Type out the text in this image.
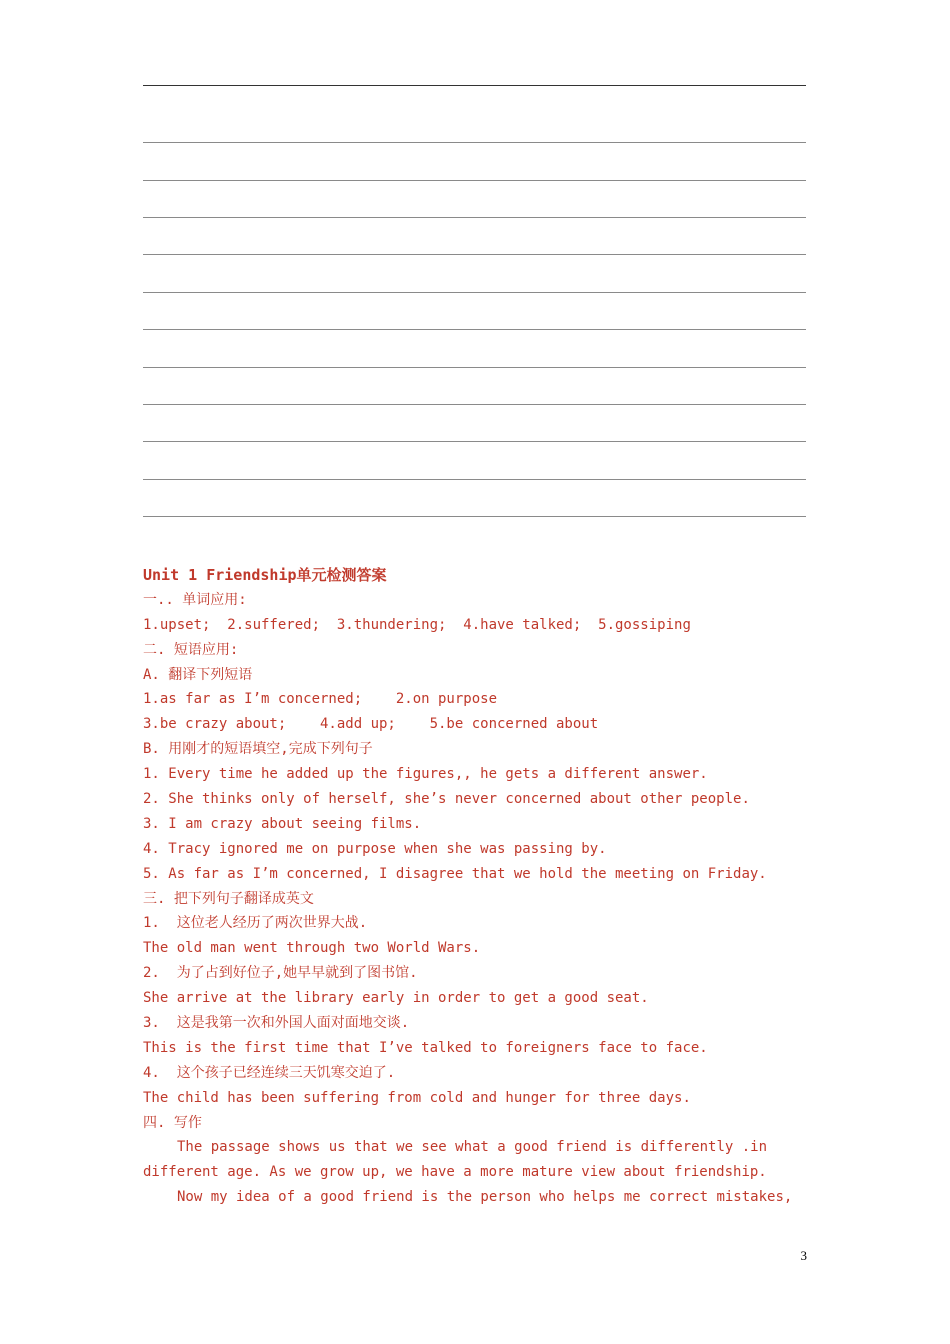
Unit 1 Friendship单元检测答案
一.. 单词应用:
1.upset;  2.suffered;  3.thundering;  4.have talked;  5.gossiping
二. 短语应用:
A. 翻译下列短语
1.as far as I’m concerned;    2.on purpose
3.be crazy about;    4.add up;    5.be concerned about
B. 用刚才的短语填空,完成下列句子
1. Every time he added up the figures,, he gets a different answer.
2. She thinks only of herself, she’s never concerned about other people.
3. I am crazy about seeing films.
4. Tracy ignored me on purpose when she was passing by.
5. As far as I’m concerned, I disagree that we hold the meeting on Friday.
三. 把下列句子翻译成英文
1.  这位老人经历了两次世界大战.
The old man went through two World Wars.
2.  为了占到好位子,她早早就到了图书馆.
She arrive at the library early in order to get a good seat.
3.  这是我第一次和外国人面对面地交谈.
This is the first time that I’ve talked to foreigners face to face.
4.  这个孩子已经连续三天饥寒交迫了.
The child has been suffering from cold and hunger for three days.
四. 写作
The passage shows us that we see what a good friend is differently .in
different age. As we grow up, we have a more mature view about friendship.
Now my idea of a good friend is the person who helps me correct mistakes,
3
